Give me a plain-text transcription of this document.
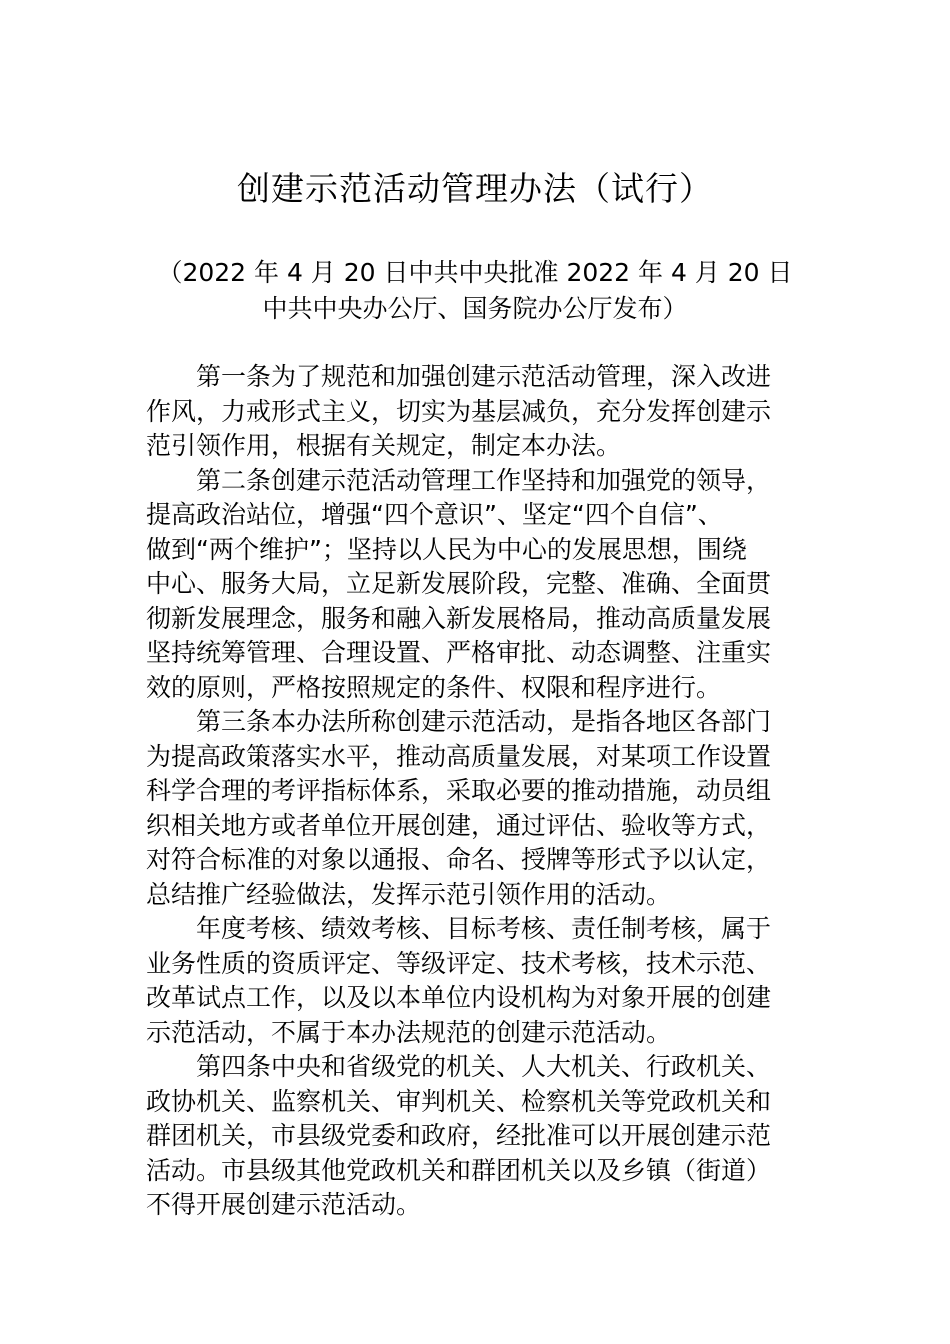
创建示范活动管理办法（试行）
（2022 年 4 月 20 日中共中央批准 2022 年 4 月 20 日
中共中央办公厅、国务院办公厅发布）
第一条为了规范和加强创建示范活动管理，深入改进
作风，力戒形式主义，切实为基层减负，充分发挥创建示
范引领作用，根据有关规定，制定本办法。
第二条创建示范活动管理工作坚持和加强党的领导，
提高政治站位，增强“四个意识”、坚定“四个自信”、
做到“两个维护”；坚持以人民为中心的发展思想，围绕
中心、服务大局，立足新发展阶段，完整、准确、全面贯
彻新发展理念，服务和融入新发展格局，推动高质量发展
坚持统筹管理、合理设置、严格审批、动态调整、注重实
效的原则，严格按照规定的条件、权限和程序进行。
第三条本办法所称创建示范活动，是指各地区各部门
为提高政策落实水平，推动高质量发展，对某项工作设置
科学合理的考评指标体系，采取必要的推动措施，动员组
织相关地方或者单位开展创建，通过评估、验收等方式，
对符合标准的对象以通报、命名、授牌等形式予以认定，
总结推广经验做法，发挥示范引领作用的活动。
年度考核、绩效考核、目标考核、责任制考核，属于
业务性质的资质评定、等级评定、技术考核，技术示范、
改革试点工作，以及以本单位内设机构为对象开展的创建
示范活动，不属于本办法规范的创建示范活动。
第四条中央和省级党的机关、人大机关、行政机关、
政协机关、监察机关、审判机关、检察机关等党政机关和
群团机关，市县级党委和政府，经批准可以开展创建示范
活动。市县级其他党政机关和群团机关以及乡镇（街道）
不得开展创建示范活动。
